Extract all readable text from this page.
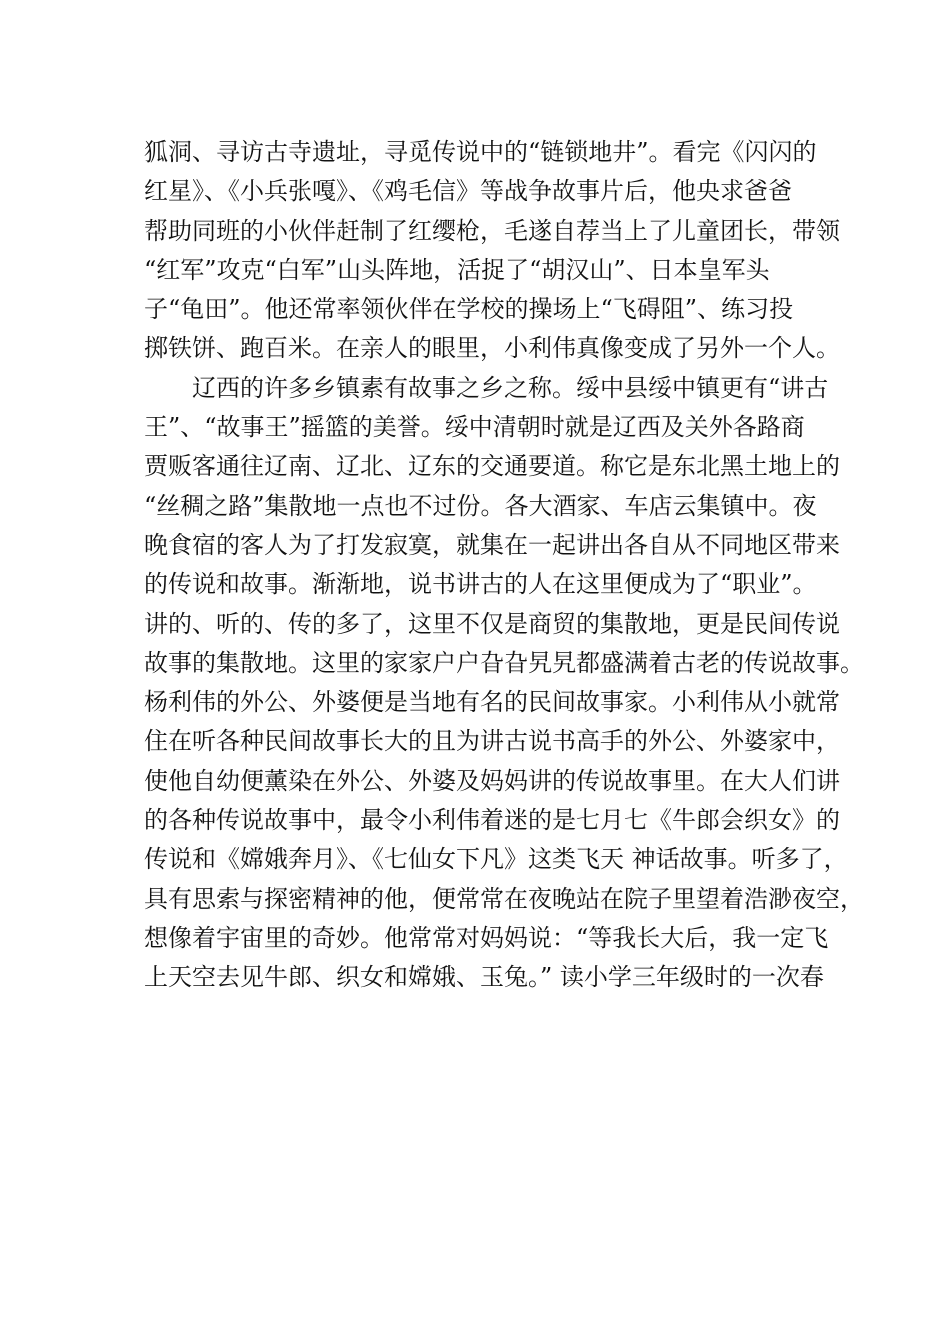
狐洞、寻访古寺遗址，寻觅传说中的“链锁地井”。看完《闪闪的
红星》、《小兵张嘎》、《鸡毛信》等战争故事片后，他央求爸爸
帮助同班的小伙伴赶制了红缨枪，毛遂自荐当上了儿童团长，带领
“红军”攻克“白军”山头阵地，活捉了“胡汉山”、日本皇军头
子“龟田”。他还常率领伙伴在学校的操场上“飞碍阻”、练习投
掷铁饼、跑百米。在亲人的眼里，小利伟真像变成了另外一个人。
辽西的许多乡镇素有故事之乡之称。绥中县绥中镇更有“讲古
王”、“故事王”摇篮的美誉。绥中清朝时就是辽西及关外各路商
贾贩客通往辽南、辽北、辽东的交通要道。称它是东北黑土地上的
“丝稠之路”集散地一点也不过份。各大酒家、车店云集镇中。夜
晚食宿的客人为了打发寂寞，就集在一起讲出各自从不同地区带来
的传说和故事。渐渐地，说书讲古的人在这里便成为了“职业”。
讲的、听的、传的多了，这里不仅是商贸的集散地，更是民间传说
故事的集散地。这里的家家户户旮旮旯旯都盛满着古老的传说故事。
杨利伟的外公、外婆便是当地有名的民间故事家。小利伟从小就常
住在听各种民间故事长大的且为讲古说书高手的外公、外婆家中，
使他自幼便薰染在外公、外婆及妈妈讲的传说故事里。在大人们讲
的各种传说故事中，最令小利伟着迷的是七月七《牛郎会织女》的
传说和《嫦娥奔月》、《七仙女下凡》这类飞天 神话故事。听多了，
具有思索与探密精神的他，便常常在夜晚站在院子里望着浩渺夜空，
想像着宇宙里的奇妙。他常常对妈妈说：“等我长大后，我一定飞
上天空去见牛郎、织女和嫦娥、玉兔。” 读小学三年级时的一次春
